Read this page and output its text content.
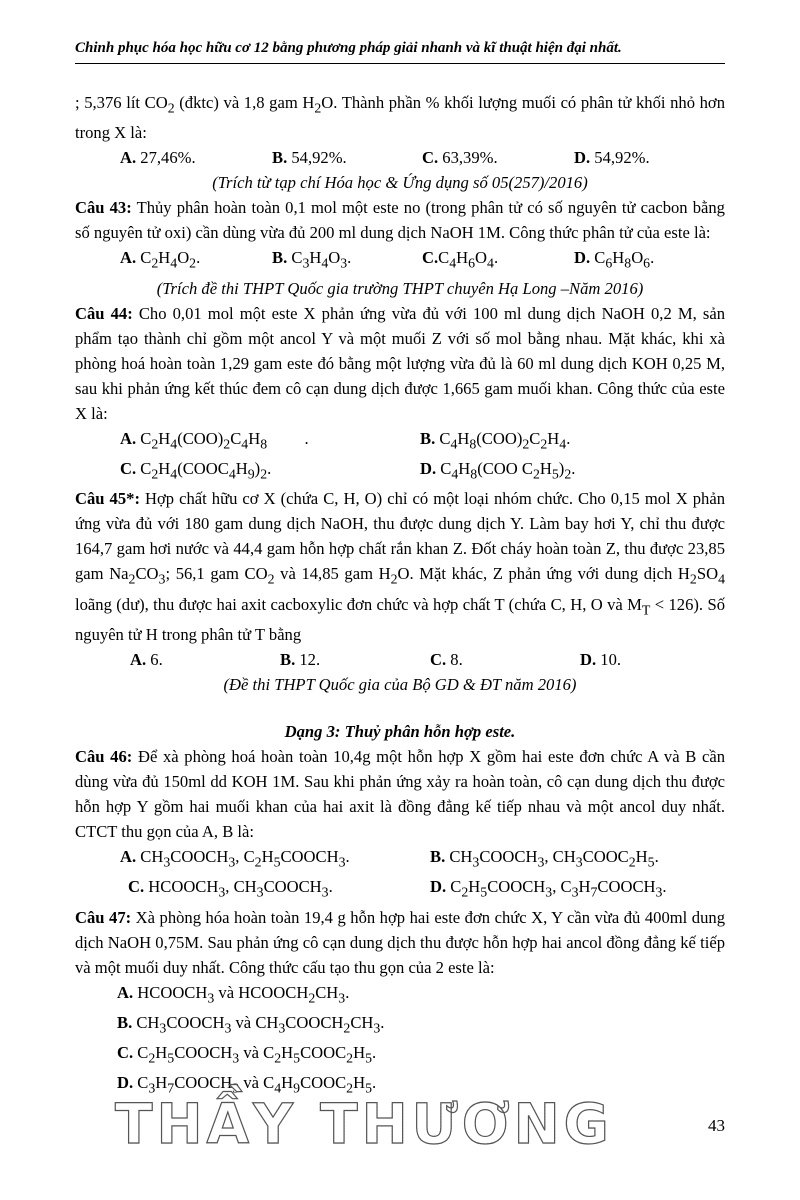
Chinh phục hóa học hữu cơ 12 bằng phương pháp giải nhanh và kĩ thuật hiện đại nhất.

; 5,376 lít $CO_2$ (đktc) và 1,8 gam $H_2O$. Thành phần % khối lượng muối có phân tử khối nhỏ hơn trong X là:

A. 27,46%.	B. 54,92%.	C. 63,39%.	D. 54,92%.

(Trích từ tạp chí Hóa học & Ứng dụng số 05(257)/2016)

Câu 43: Thủy phân hoàn toàn 0,1 mol một este no (trong phân tử có số nguyên tử cacbon bằng số nguyên tử oxi) cần dùng vừa đủ 200 ml dung dịch NaOH 1M. Công thức phân tử của este là:

A. $C_2H_4O_2$.	B. $C_3H_4O_3$.	$C.C_4H_6O_4$.	D. $C_6H_8O_6$.

(Trích đề thi THPT Quốc gia trường THPT chuyên Hạ Long –Năm 2016)

Câu 44: Cho 0,01 mol một este X phản ứng vừa đủ với 100 ml dung dịch NaOH 0,2 M, sản phẩm tạo thành chỉ gồm một ancol Y và một muối Z với số mol bằng nhau. Mặt khác, khi xà phòng hoá hoàn toàn 1,29 gam este đó bằng một lượng vừa đủ là 60 ml dung dịch KOH 0,25 M, sau khi phản ứng kết thúc đem cô cạn dung dịch được 1,665 gam muối khan. Công thức của este X là:

A. $C_2H_4(COO)_2C_4H_8$         .	B. $C_4H_8(COO)_2C_2H_4$.
C. $C_2H_4(COOC_4H_9)_2$.	D. $C_4H_8(COO$ $C_2H_5)_2$.

Câu 45*: Hợp chất hữu cơ X (chứa C, H, O) chỉ có một loại nhóm chức. Cho 0,15 mol X phản ứng vừa đủ với 180 gam dung dịch NaOH, thu được dung dịch Y. Làm bay hơi Y, chỉ thu được 164,7 gam hơi nước và 44,4 gam hỗn hợp chất rắn khan Z. Đốt cháy hoàn toàn Z, thu được 23,85 gam $Na_2CO_3$; 56,1 gam $CO_2$ và 14,85 gam $H_2O$. Mặt khác, Z phản ứng với dung dịch $H_2SO_4$ loãng (dư), thu được hai axit cacboxylic đơn chức và hợp chất T (chứa C, H, O và $M_T < 126$). Số nguyên tử H trong phân tử T bằng

A. 6.	B. 12.	C. 8.	D. 10.

(Đề thi THPT Quốc gia của Bộ GD & ĐT năm 2016)

Dạng 3: Thuỷ phân hỗn hợp este.

Câu 46: Để xà phòng hoá hoàn toàn 10,4g một hỗn hợp X gồm hai este đơn chức A và B cần dùng vừa đủ 150ml dd KOH 1M. Sau khi phản ứng xảy ra hoàn toàn, cô cạn dung dịch thu được hỗn hợp Y gồm hai muối khan của hai axit là đồng đẳng kế tiếp nhau và một ancol duy nhất. CTCT thu gọn của A, B là:

A. $CH_3COOCH_3$, $C_2H_5COOCH_3$.	B. $CH_3COOCH_3$, $CH_3COOC_2H_5$.
C. $HCOOCH_3$, $CH_3COOCH_3$.	D. $C_2H_5COOCH_3$, $C_3H_7COOCH_3$.

Câu 47: Xà phòng hóa hoàn toàn 19,4 g hỗn hợp hai este đơn chức X, Y cần vừa đủ 400ml dung dịch NaOH 0,75M. Sau phản ứng cô cạn dung dịch thu được hỗn hợp hai ancol đồng đẳng kế tiếp và một muối duy nhất. Công thức cấu tạo thu gọn của 2 este là:

A. $HCOOCH_3$ và $HCOOCH_2CH_3$.

B. $CH_3COOCH_3$ và $CH_3COOCH_2CH_3$.

C. $C_2H_5COOCH_3$ và $C_2H_5COOC_2H_5$.

D. $C_3H_7COOCH_3$ và $C_4H_9COOC_2H_5$.

THẦY THƯƠNG	43
